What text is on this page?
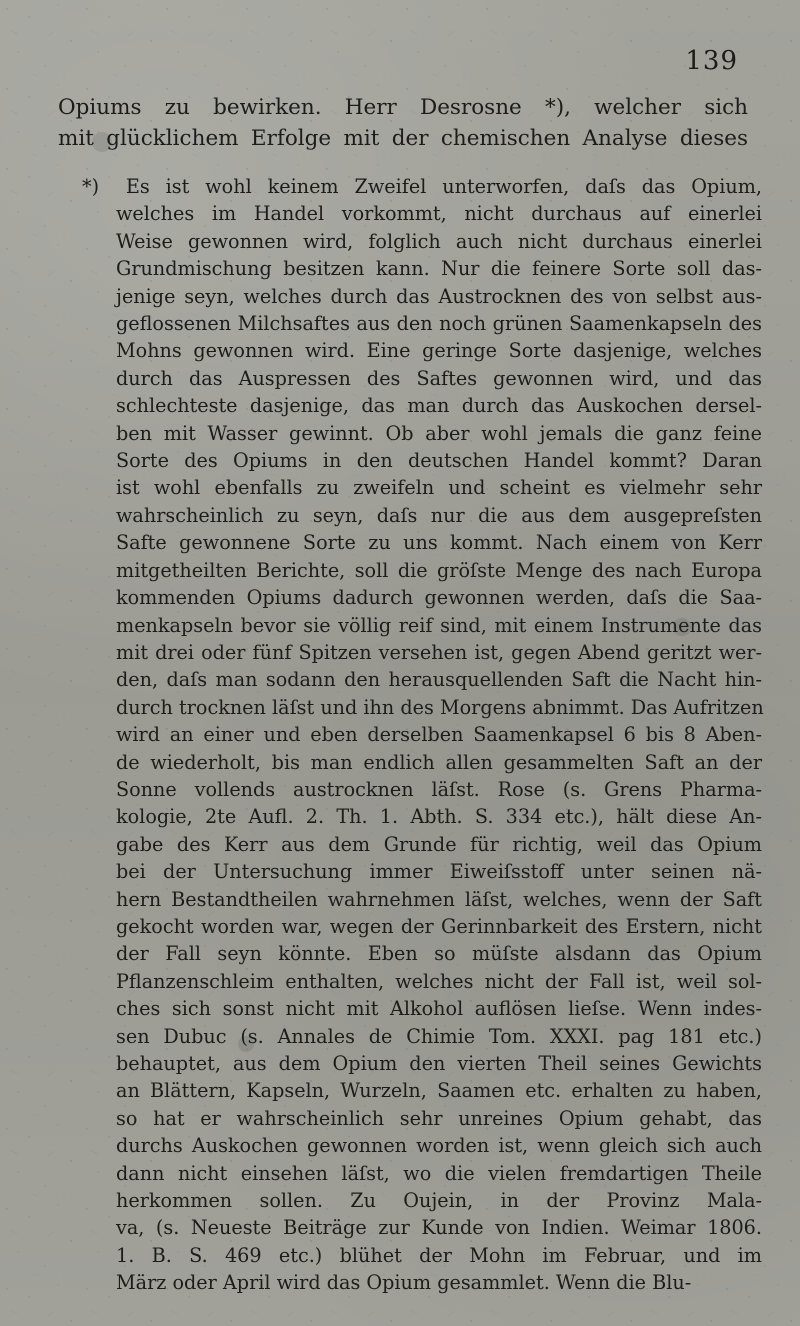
139
Opiums zu bewirken. Herr Desrosne *), welcher sich
mit glücklichem Erfolge mit der chemischen Analyse dieses
*) Es ist wohl keinem Zweifel unterworfen, daſs das Opium,
welches im Handel vorkommt, nicht durchaus auf einerlei
Weise gewonnen wird, folglich auch nicht durchaus einerlei
Grundmischung besitzen kann. Nur die feinere Sorte soll das-
jenige seyn, welches durch das Austrocknen des von selbst aus-
geflossenen Milchsaftes aus den noch grünen Saamenkapseln des
Mohns gewonnen wird. Eine geringe Sorte dasjenige, welches
durch das Auspressen des Saftes gewonnen wird, und das
schlechteste dasjenige, das man durch das Auskochen dersel-
ben mit Wasser gewinnt. Ob aber wohl jemals die ganz feine
Sorte des Opiums in den deutschen Handel kommt? Daran
ist wohl ebenfalls zu zweifeln und scheint es vielmehr sehr
wahrscheinlich zu seyn, daſs nur die aus dem ausgepreſsten
Safte gewonnene Sorte zu uns kommt. Nach einem von Kerr
mitgetheilten Berichte, soll die gröſste Menge des nach Europa
kommenden Opiums dadurch gewonnen werden, daſs die Saa-
menkapseln bevor sie völlig reif sind, mit einem Instrumente das
mit drei oder fünf Spitzen versehen ist, gegen Abend geritzt wer-
den, daſs man sodann den herausquellenden Saft die Nacht hin-
durch trocknen läſst und ihn des Morgens abnimmt. Das Aufritzen
wird an einer und eben derselben Saamenkapsel 6 bis 8 Aben-
de wiederholt, bis man endlich allen gesammelten Saft an der
Sonne vollends austrocknen läſst. Rose (s. Grens Pharma-
kologie, 2te Aufl. 2. Th. 1. Abth. S. 334 etc.), hält diese An-
gabe des Kerr aus dem Grunde für richtig, weil das Opium
bei der Untersuchung immer Eiweiſsstoff unter seinen nä-
hern Bestandtheilen wahrnehmen läſst, welches, wenn der Saft
gekocht worden war, wegen der Gerinnbarkeit des Erstern, nicht
der Fall seyn könnte. Eben so müſste alsdann das Opium
Pflanzenschleim enthalten, welches nicht der Fall ist, weil sol-
ches sich sonst nicht mit Alkohol auflösen lieſse. Wenn indes-
sen Dubuc (s. Annales de Chimie Tom. XXXI. pag 181 etc.)
behauptet, aus dem Opium den vierten Theil seines Gewichts
an Blättern, Kapseln, Wurzeln, Saamen etc. erhalten zu haben,
so hat er wahrscheinlich sehr unreines Opium gehabt, das
durchs Auskochen gewonnen worden ist, wenn gleich sich auch
dann nicht einsehen läſst, wo die vielen fremdartigen Theile
herkommen sollen. Zu Oujein, in der Provinz Mala-
va, (s. Neueste Beiträge zur Kunde von Indien. Weimar 1806.
1. B. S. 469 etc.) blühet der Mohn im Februar, und im
März oder April wird das Opium gesammlet. Wenn die Blu-
